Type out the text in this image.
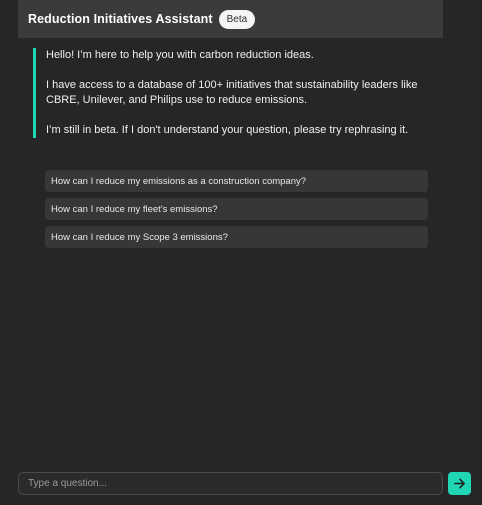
Reduction Initiatives Assistant	Beta

Hello! I’m here to help you with carbon reduction ideas.

I have access to a database of 100+ initiatives that sustainability leaders like CBRE, Unilever, and Philips use to reduce emissions.

I’m still in beta. If I don't understand your question, please try rephrasing it.

How can I reduce my emissions as a construction company?
How can I reduce my fleet's emissions?
How can I reduce my Scope 3 emissions?
Type a question...
